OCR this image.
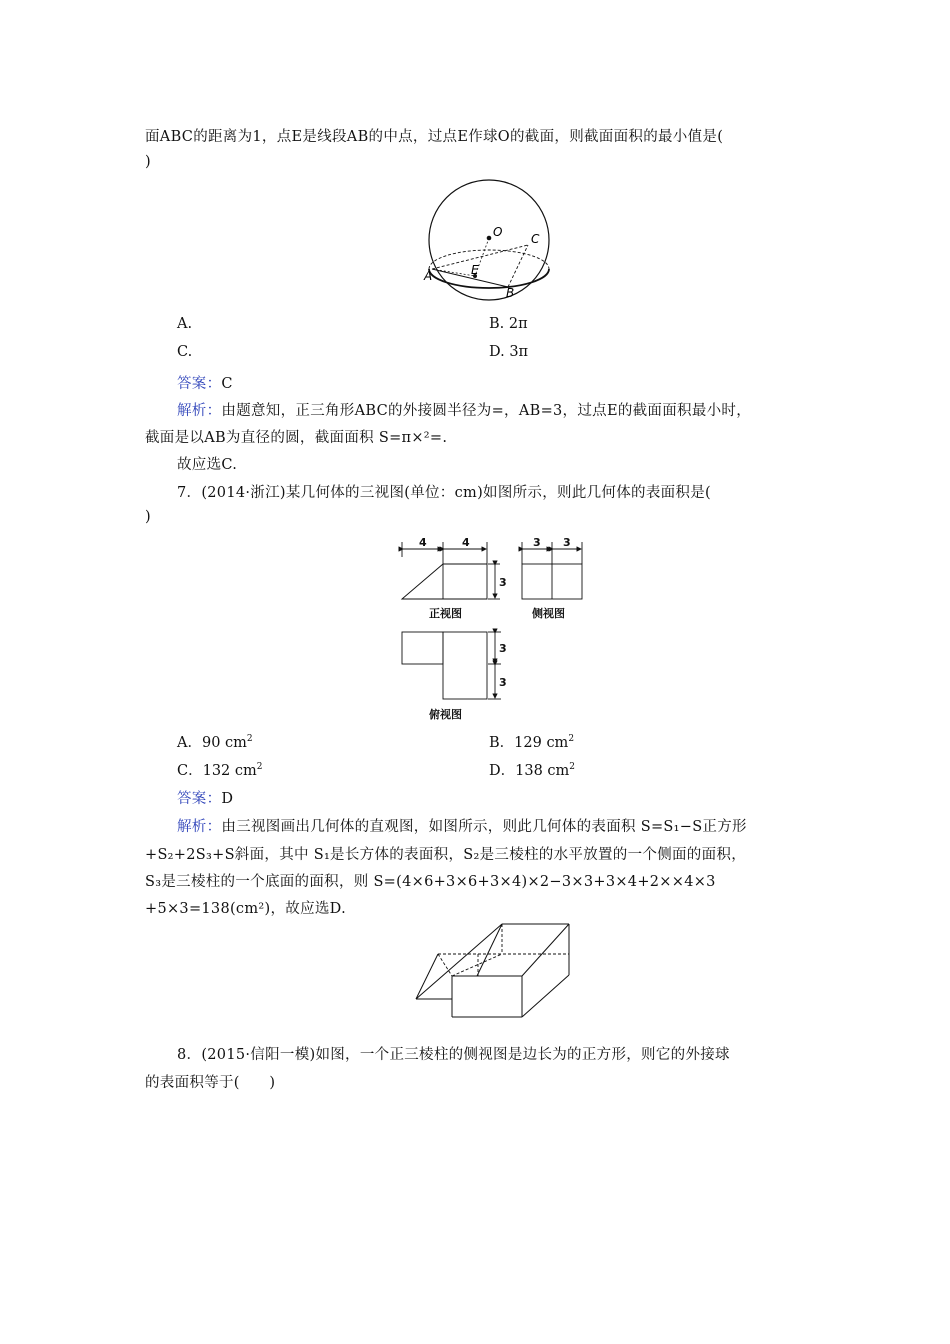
面ABC的距离为1，点E是线段AB的中点，过点E作球O的截面，则截面面积的最小值是(
)
O C
A	E
B
A.	B. 2π
C.	D. 3π
答案：C
解析：由题意知，正三角形ABC的外接圆半径为=，AB=3，过点E的截面面积最小时，
截面是以AB为直径的圆，截面面积 S=π×²=.
故应选C.
7．(2014·浙江)某几何体的三视图(单位：cm)如图所示，则此几何体的表面积是(
)
4	4
3
3 3
3
3
正视图	侧视图
俯视图
A．90 $cm^2$	B．129 $cm^2$
C．132 $cm^2$	D．138 $cm^2$
答案：D
解析：由三视图画出几何体的直观图，如图所示，则此几何体的表面积 S=S₁−S正方形
+S₂+2S₃+S斜面，其中 S₁是长方体的表面积，S₂是三棱柱的水平放置的一个侧面的面积，
S₃是三棱柱的一个底面的面积，则 S=(4×6+3×6+3×4)×2−3×3+3×4+2××4×3
+5×3=138(cm²)，故应选D.
8．(2015·信阳一模)如图，一个正三棱柱的侧视图是边长为的正方形，则它的外接球
的表面积等于(　　)
